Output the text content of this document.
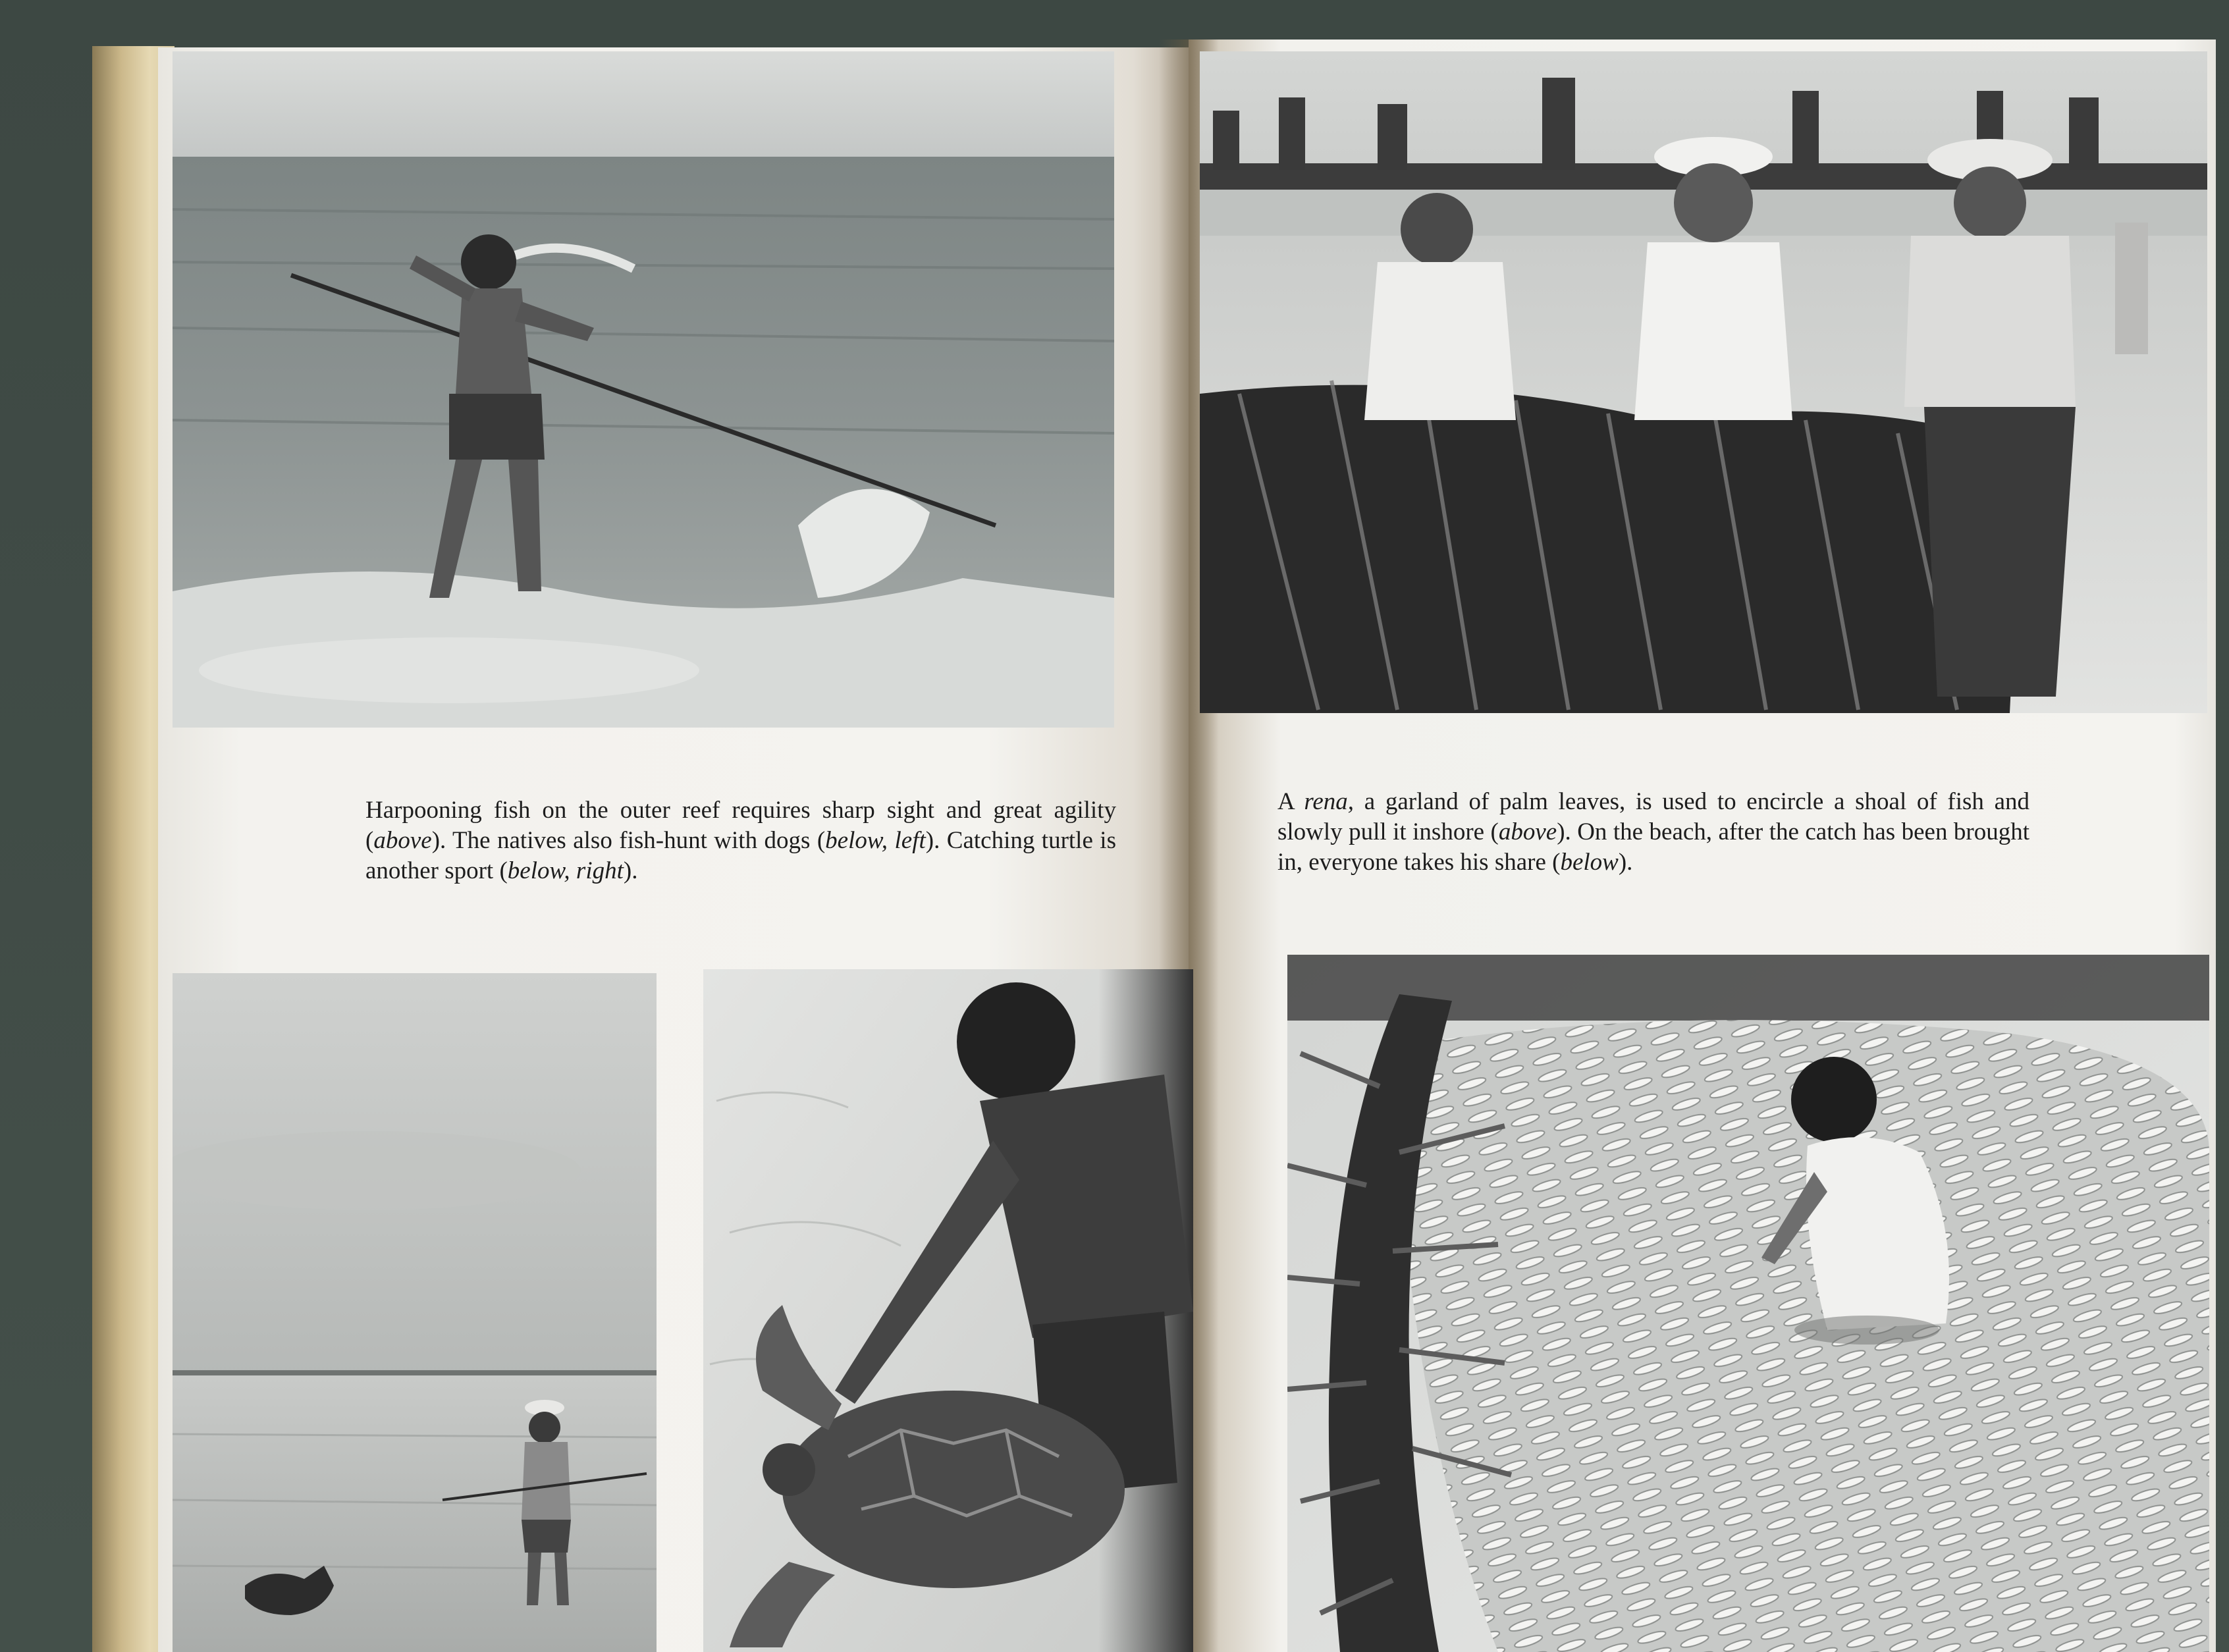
Harpooning fish on the outer reef requires sharp sight and great agility (above). The natives also fish-hunt with dogs (below, left). Catching turtle is another sport (below, right).

A rena, a garland of palm leaves, is used to encircle a shoal of fish and slowly pull it inshore (above). On the beach, after the catch has been brought in, everyone takes his share (below).
